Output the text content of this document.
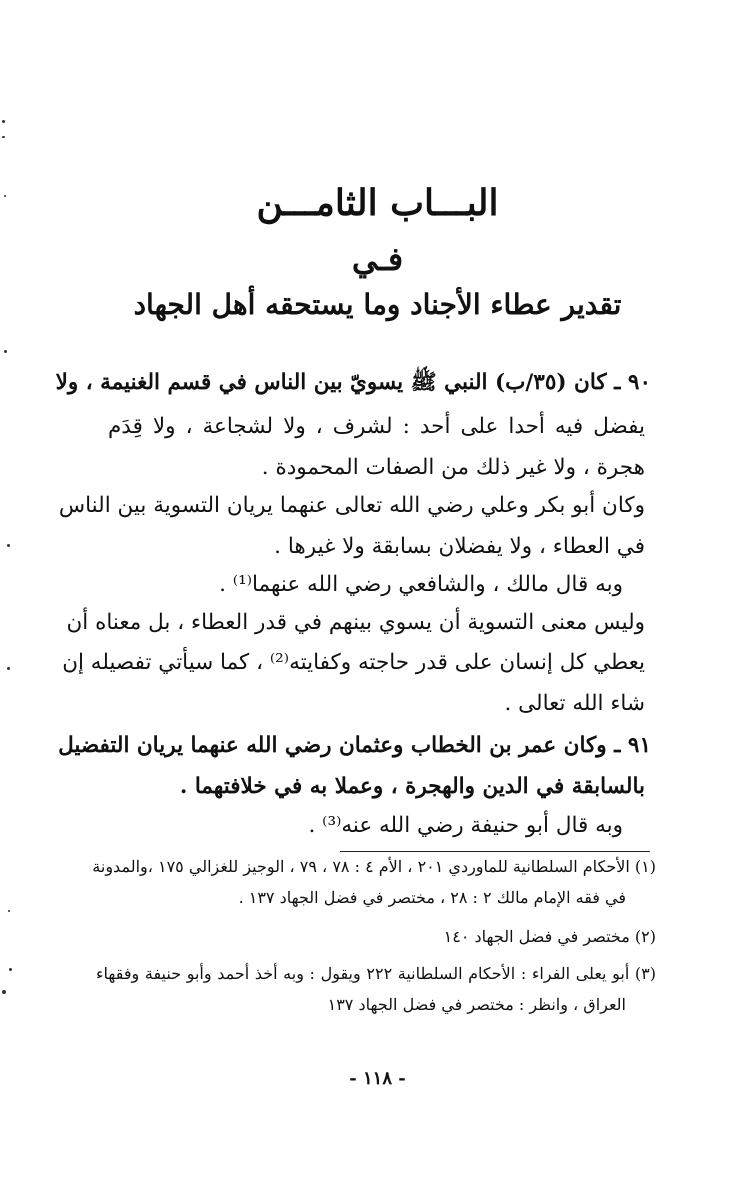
البـــاب الثامـــن
فـي
تقدير عطاء الأجناد وما يستحقه أهل الجهاد
٩٠ ـ كان (٣٥/ب) النبي ﷺ يسويّ بين الناس في قسم الغنيمة ، ولا
يفضل فيه أحدا على أحد : لشرف ، ولا لشجاعة ، ولا قِدَم
هجرة ، ولا غير ذلك من الصفات المحمودة .
وكان أبو بكر وعلي رضي الله تعالى عنهما يريان التسوية بين الناس
في العطاء ، ولا يفضلان بسابقة ولا غيرها .
وبه قال مالك ، والشافعي رضي الله عنهما⁽¹⁾ .
وليس معنى التسوية أن يسوي بينهم في قدر العطاء ، بل معناه أن
يعطي كل إنسان على قدر حاجته وكفايته⁽²⁾ ، كما سيأتي تفصيله إن
شاء الله تعالى .
٩١ ـ وكان عمر بن الخطاب وعثمان رضي الله عنهما يريان التفضيل
بالسابقة في الدين والهجرة ، وعملا به في خلافتهما .
وبه قال أبو حنيفة رضي الله عنه⁽³⁾ .
(١) الأحكام السلطانية للماوردي ٢٠١ ، الأم ٤ : ٧٨ ، ٧٩ ، الوجيز للغزالي ١٧٥ ،والمدونة
في فقه الإمام مالك ٢ : ٢٨ ، مختصر في فضل الجهاد ١٣٧ .
(٢) مختصر في فضل الجهاد ١٤٠
(٣) أبو يعلى الفراء : الأحكام السلطانية ٢٢٢ ويقول : وبه أخذ أحمد وأبو حنيفة وفقهاء
العراق ، وانظر : مختصر في فضل الجهاد ١٣٧
- ١١٨ -
